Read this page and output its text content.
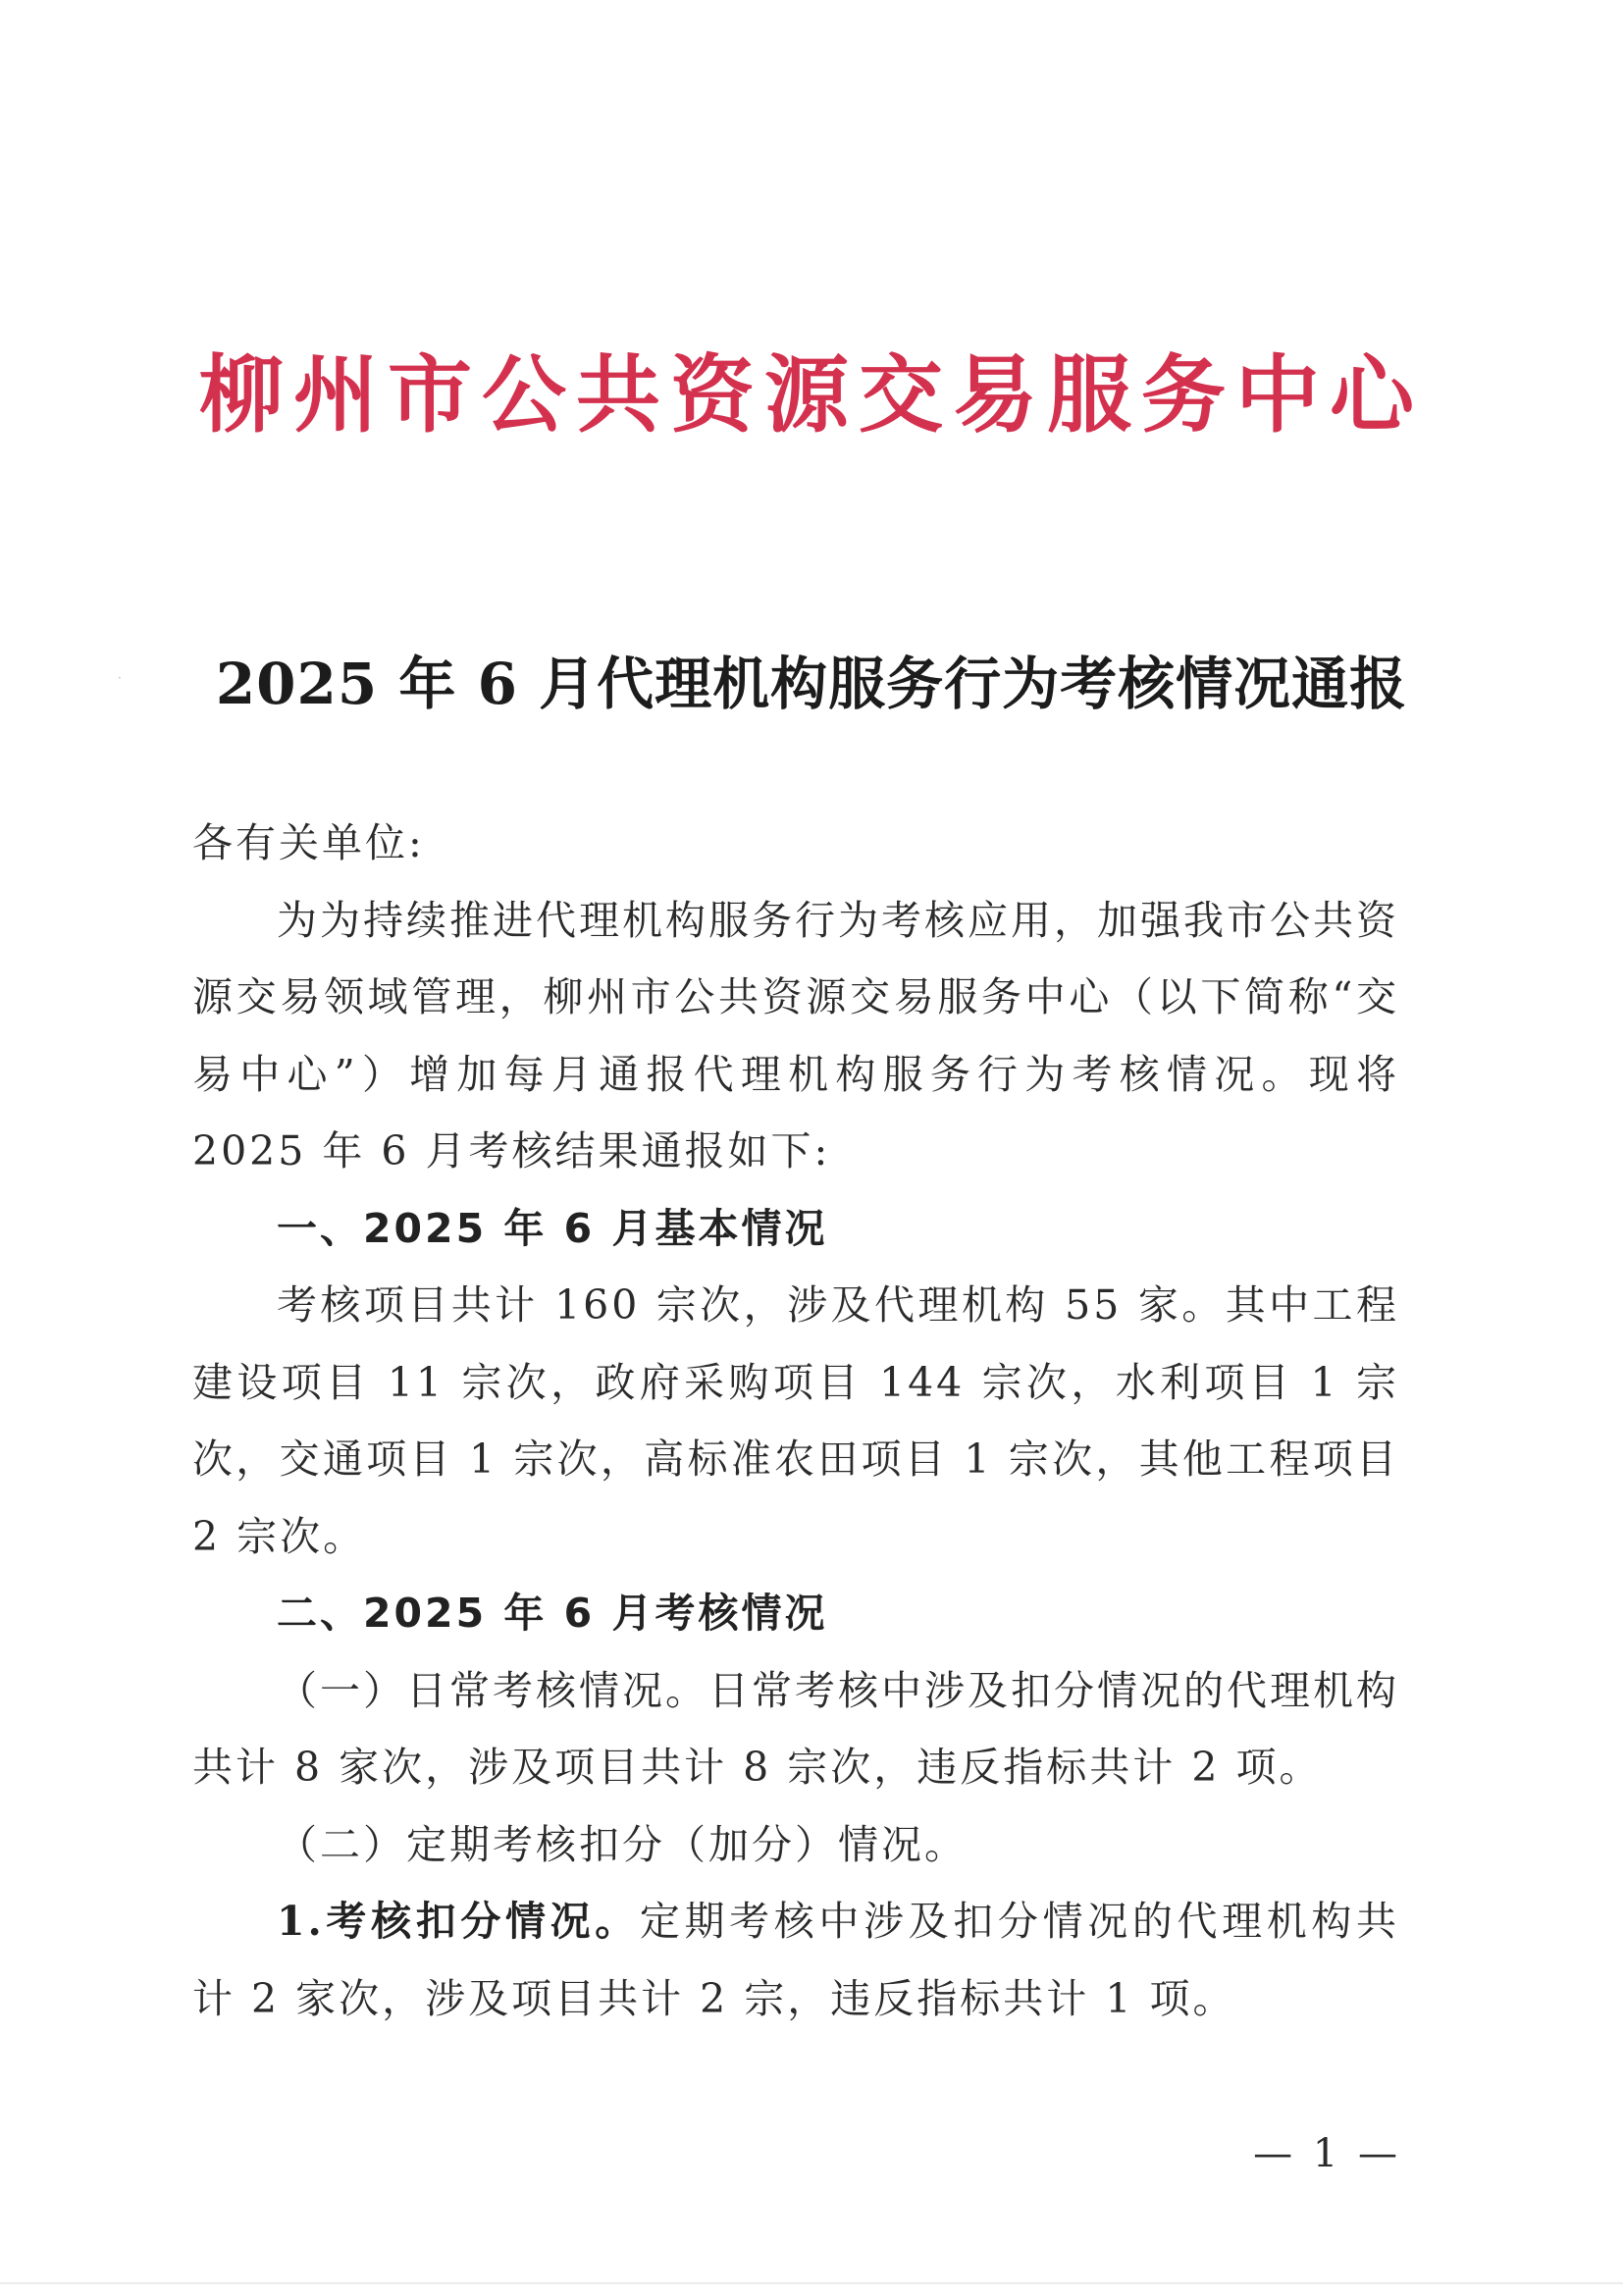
柳州市公共资源交易服务中心
·	2025 年 6 月代理机构服务行为考核情况通报

各有关单位:

为为持续推进代理机构服务行为考核应用，加强我市公共资源交易领域管理，柳州市公共资源交易服务中心（以下简称“交易中心”）增加每月通报代理机构服务行为考核情况。现将 2025 年 6 月考核结果通报如下:

一、2025 年 6 月基本情况

考核项目共计 160 宗次，涉及代理机构 55 家。其中工程建设项目 11 宗次，政府采购项目 144 宗次，水利项目 1 宗次，交通项目 1 宗次，高标准农田项目 1 宗次，其他工程项目 2 宗次。

二、2025 年 6 月考核情况

（一）日常考核情况。日常考核中涉及扣分情况的代理机构共计 8 家次，涉及项目共计 8 宗次，违反指标共计 2 项。

（二）定期考核扣分（加分）情况。

1.考核扣分情况。定期考核中涉及扣分情况的代理机构共计 2 家次，涉及项目共计 2 宗，违反指标共计 1 项。

— 1 —
